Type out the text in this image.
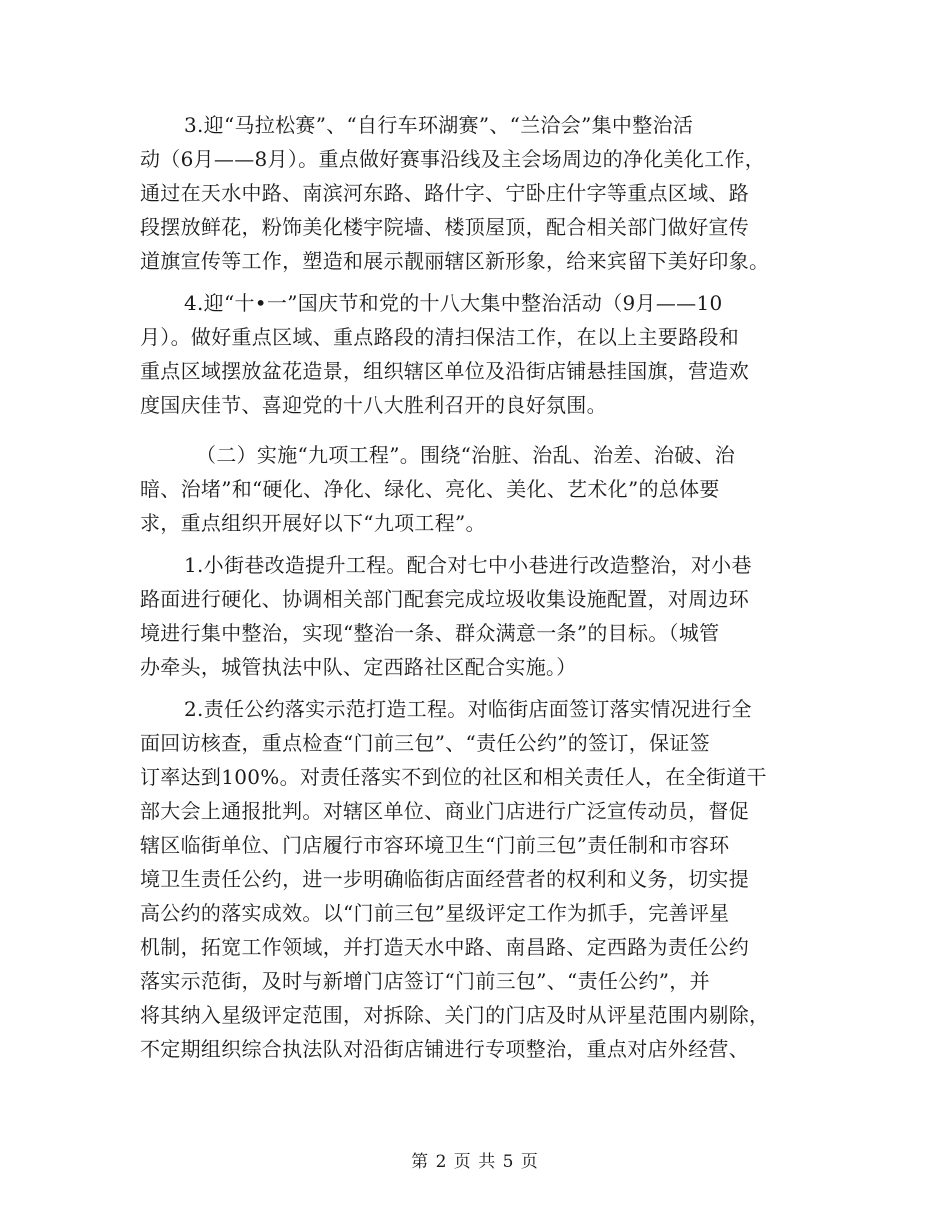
3.迎“马拉松赛”、“自行车环湖赛”、“兰洽会”集中整治活
动（6月——8月）。重点做好赛事沿线及主会场周边的净化美化工作，
通过在天水中路、南滨河东路、路什字、宁卧庄什字等重点区域、路
段摆放鲜花，粉饰美化楼宇院墙、楼顶屋顶，配合相关部门做好宣传
道旗宣传等工作，塑造和展示靓丽辖区新形象，给来宾留下美好印象。
4.迎“十•一”国庆节和党的十八大集中整治活动（9月——10
月）。做好重点区域、重点路段的清扫保洁工作，在以上主要路段和
重点区域摆放盆花造景，组织辖区单位及沿街店铺悬挂国旗，营造欢
度国庆佳节、喜迎党的十八大胜利召开的良好氛围。
（二）实施“九项工程”。围绕“治脏、治乱、治差、治破、治
暗、治堵”和“硬化、净化、绿化、亮化、美化、艺术化”的总体要
求，重点组织开展好以下“九项工程”。
1.小街巷改造提升工程。配合对七中小巷进行改造整治，对小巷
路面进行硬化、协调相关部门配套完成垃圾收集设施配置，对周边环
境进行集中整治，实现“整治一条、群众满意一条”的目标。（城管
办牵头，城管执法中队、定西路社区配合实施。）
2.责任公约落实示范打造工程。对临街店面签订落实情况进行全
面回访核查，重点检查“门前三包”、“责任公约”的签订，保证签
订率达到100%。对责任落实不到位的社区和相关责任人，在全街道干
部大会上通报批判。对辖区单位、商业门店进行广泛宣传动员，督促
辖区临街单位、门店履行市容环境卫生“门前三包”责任制和市容环
境卫生责任公约，进一步明确临街店面经营者的权利和义务，切实提
高公约的落实成效。以“门前三包”星级评定工作为抓手，完善评星
机制，拓宽工作领域，并打造天水中路、南昌路、定西路为责任公约
落实示范街，及时与新增门店签订“门前三包”、“责任公约”，并
将其纳入星级评定范围，对拆除、关门的门店及时从评星范围内剔除，
不定期组织综合执法队对沿街店铺进行专项整治，重点对店外经营、
第 2 页 共 5 页
